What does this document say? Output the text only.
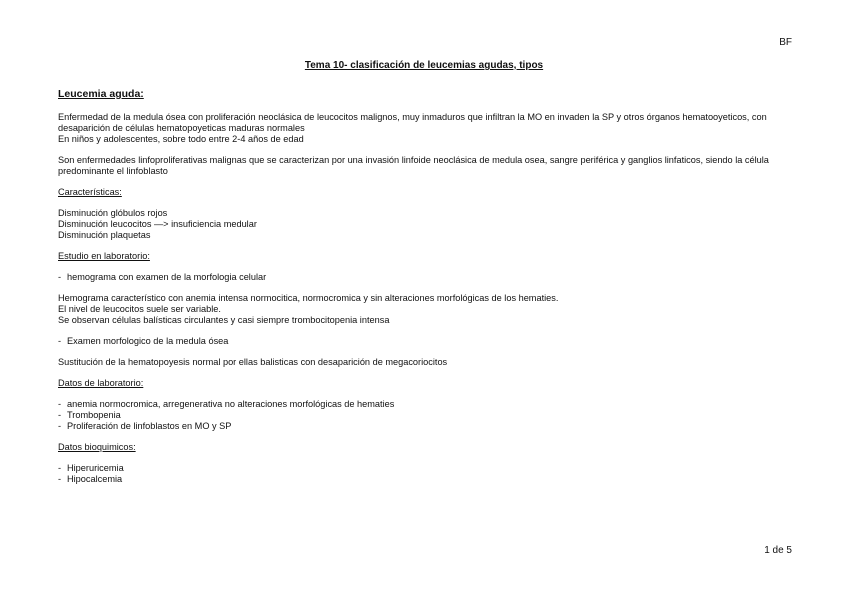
BF
Tema 10- clasificación de leucemias agudas, tipos
Leucemia aguda:

Enfermedad de la medula ósea con proliferación neoclásica de leucocitos malignos, muy inmaduros que infiltran la MO en invaden la SP y otros órganos hematooyeticos, con desaparición de células hematopoyeticas maduras normales
En niños y adolescentes, sobre todo entre 2-4 años de edad

Son enfermedades linfoproliferativas malignas que se caracterizan por una invasión linfoide neoclásica de medula osea, sangre periférica y ganglios linfaticos, siendo la célula predominante el linfoblasto

Características:

Disminución glóbulos rojos
Disminución leucocitos —> insuficiencia medular
Disminución plaquetas

Estudio en laboratorio:
- hemograma con examen de la morfologia celular

Hemograma característico con anemia intensa normocitica, normocromica y sin alteraciones morfológicas de los hematies.
El nivel de leucocitos suele ser variable.
Se observan células balísticas circulantes y casi siempre trombocitopenia intensa

- Examen morfologico de la medula ósea

Sustitución de la hematopoyesis normal por ellas balisticas con desaparición de megacoriocitos

Datos de laboratorio:
- anemia normocromica, arregenerativa no alteraciones morfológicas de hematies
- Trombopenia
- Proliferación de linfoblastos en MO y SP
Datos bioquimicos:
- Hiperuricemia
- Hipocalcemia
1 de 5
